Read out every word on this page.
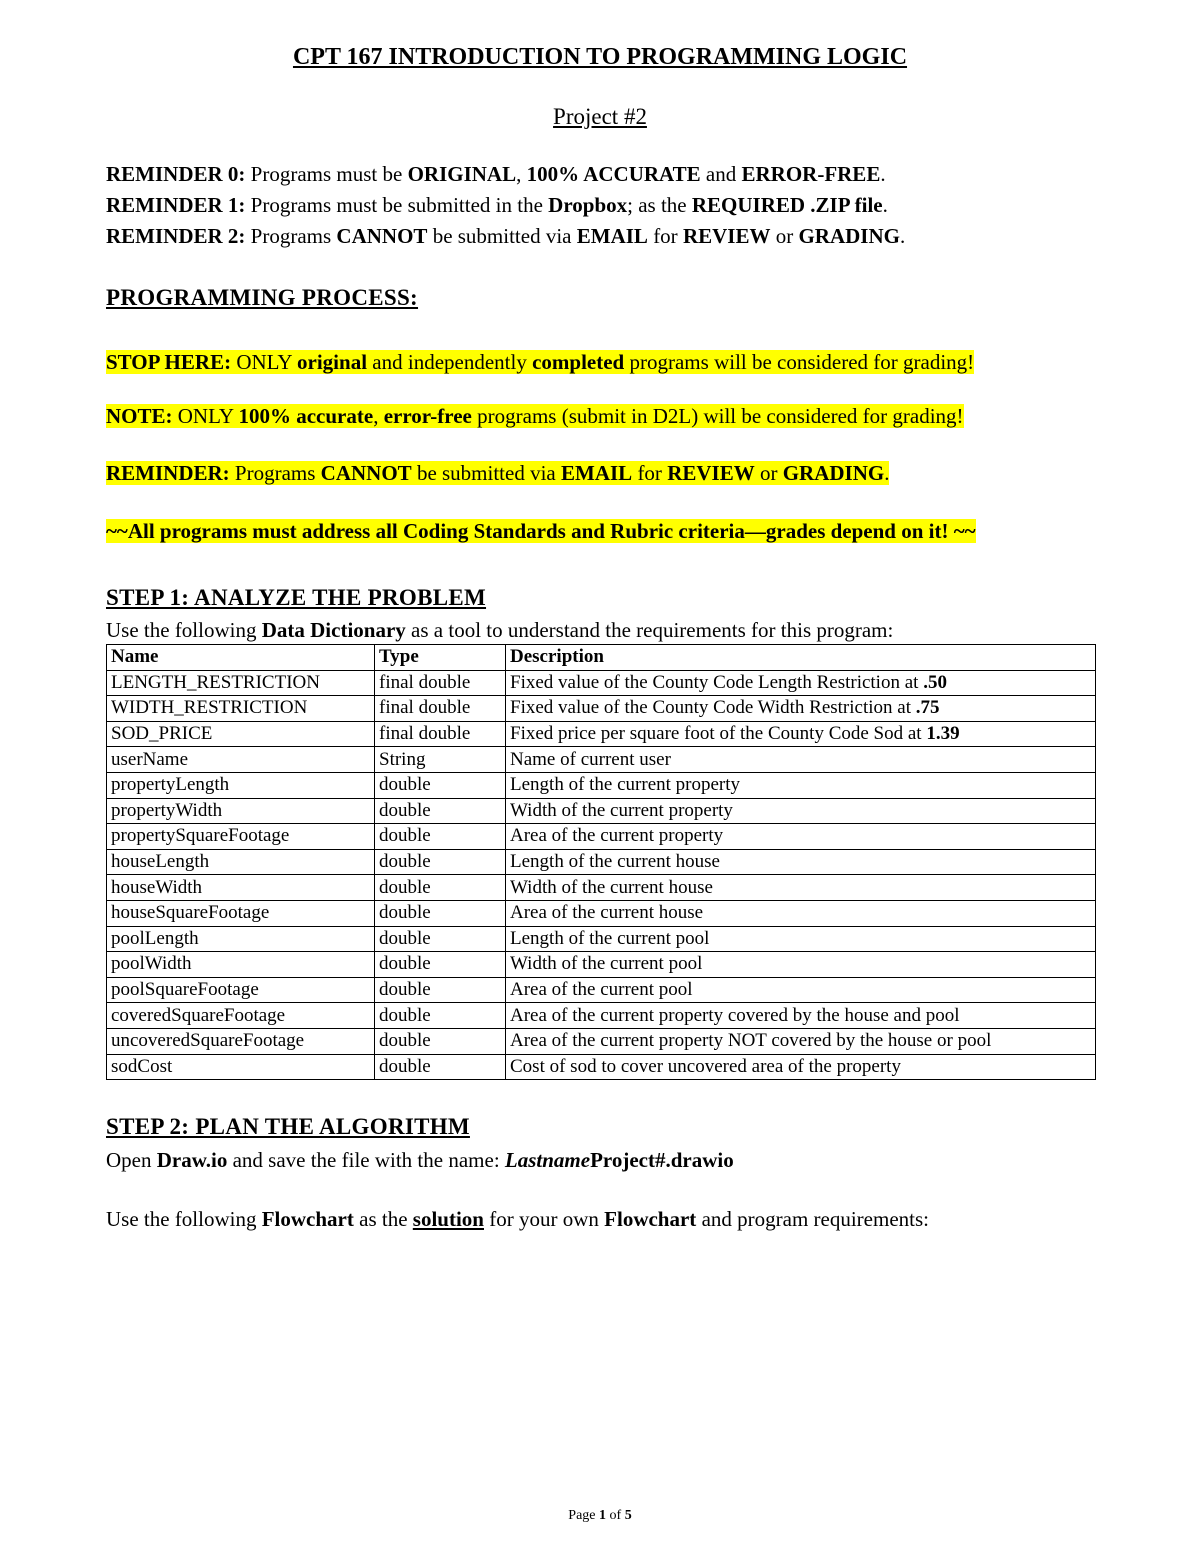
CPT 167 INTRODUCTION TO PROGRAMMING LOGIC
Project #2
REMINDER 0: Programs must be ORIGINAL, 100% ACCURATE and ERROR-FREE.
REMINDER 1: Programs must be submitted in the Dropbox; as the REQUIRED .ZIP file.
REMINDER 2: Programs CANNOT be submitted via EMAIL for REVIEW or GRADING.
PROGRAMMING PROCESS:
STOP HERE: ONLY original and independently completed programs will be considered for grading!
NOTE: ONLY 100% accurate, error-free programs (submit in D2L) will be considered for grading!
REMINDER: Programs CANNOT be submitted via EMAIL for REVIEW or GRADING.
~~All programs must address all Coding Standards and Rubric criteria—grades depend on it! ~~
STEP 1: ANALYZE THE PROBLEM
Use the following Data Dictionary as a tool to understand the requirements for this program:
Name	Type	Description
LENGTH_RESTRICTION	final double	Fixed value of the County Code Length Restriction at .50
WIDTH_RESTRICTION	final double	Fixed value of the County Code Width Restriction at .75
SOD_PRICE	final double	Fixed price per square foot of the County Code Sod at 1.39
userName	String	Name of current user
propertyLength	double	Length of the current property
propertyWidth	double	Width of the current property
propertySquareFootage	double	Area of the current property
houseLength	double	Length of the current house
houseWidth	double	Width of the current house
houseSquareFootage	double	Area of the current house
poolLength	double	Length of the current pool
poolWidth	double	Width of the current pool
poolSquareFootage	double	Area of the current pool
coveredSquareFootage	double	Area of the current property covered by the house and pool
uncoveredSquareFootage	double	Area of the current property NOT covered by the house or pool
sodCost	double	Cost of sod to cover uncovered area of the property
STEP 2: PLAN THE ALGORITHM
Open Draw.io and save the file with the name: LastnameProject#.drawio
Use the following Flowchart as the solution for your own Flowchart and program requirements:
Page 1 of 5
